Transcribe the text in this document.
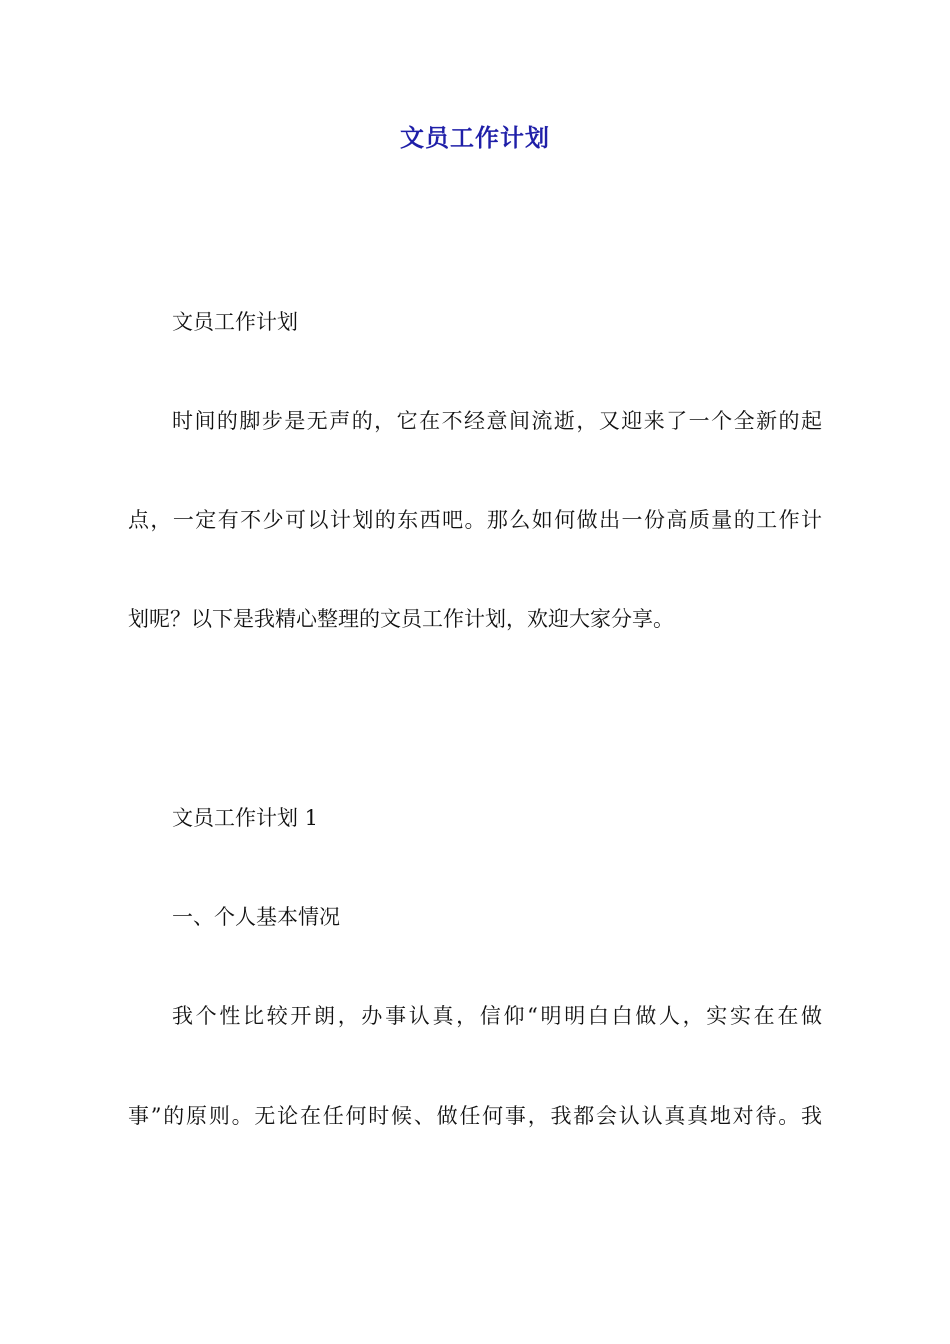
文员工作计划
文员工作计划
时间的脚步是无声的，它在不经意间流逝，又迎来了一个全新的起
点，一定有不少可以计划的东西吧。那么如何做出一份高质量的工作计
划呢？以下是我精心整理的文员工作计划，欢迎大家分享。
文员工作计划 1
一、个人基本情况
我个性比较开朗，办事认真，信仰“明明白白做人，实实在在做
事”的原则。无论在任何时候、做任何事，我都会认认真真地对待。我
